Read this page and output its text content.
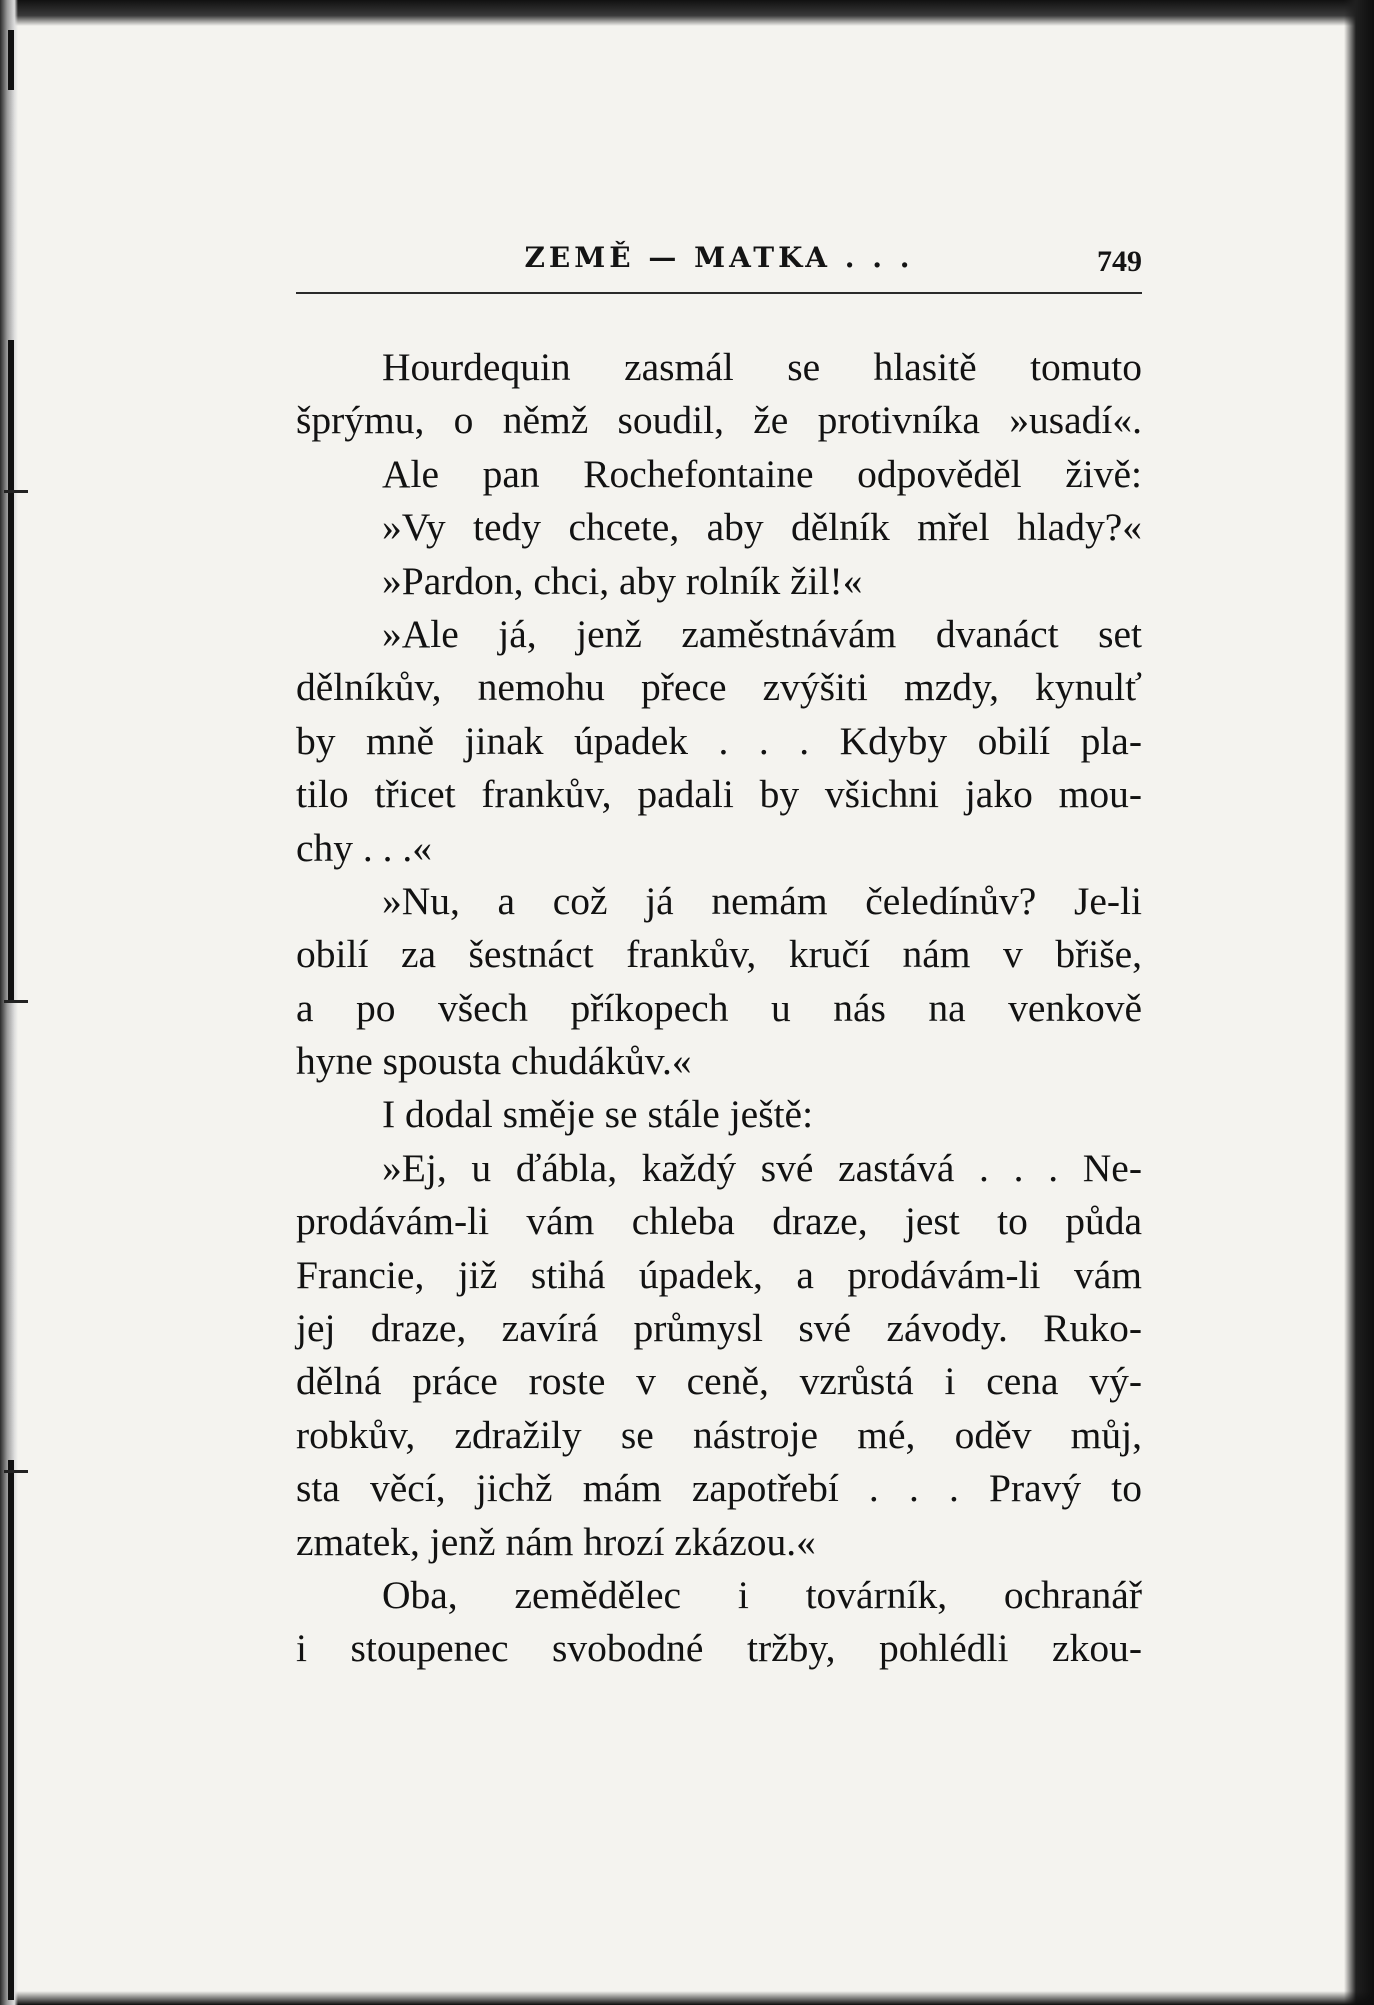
ZEMĚ — MATKA . . .	749
Hourdequin zasmál se hlasitě tomuto
šprýmu, o němž soudil, že protivníka »usadí«.
Ale pan Rochefontaine odpověděl živě:
»Vy tedy chcete, aby dělník mřel hlady?«
»Pardon, chci, aby rolník žil!«
»Ale já, jenž zaměstnávám dvanáct set
dělníkův, nemohu přece zvýšiti mzdy, kynulť
by mně jinak úpadek . . . Kdyby obilí pla-
tilo třicet frankův, padali by všichni jako mou-
chy . . .«
»Nu, a což já nemám čeledínův? Je-li
obilí za šestnáct frankův, kručí nám v břiše,
a po všech příkopech u nás na venkově
hyne spousta chudákův.«
I dodal směje se stále ještě:
»Ej, u ďábla, každý své zastává . . . Ne-
prodávám-li vám chleba draze, jest to půda
Francie, již stihá úpadek, a prodávám-li vám
jej draze, zavírá průmysl své závody. Ruko-
dělná práce roste v ceně, vzrůstá i cena vý-
robkův, zdražily se nástroje mé, oděv můj,
sta věcí, jichž mám zapotřebí . . . Pravý to
zmatek, jenž nám hrozí zkázou.«
Oba, zemědělec i továrník, ochranář
i stoupenec svobodné tržby, pohlédli zkou-
